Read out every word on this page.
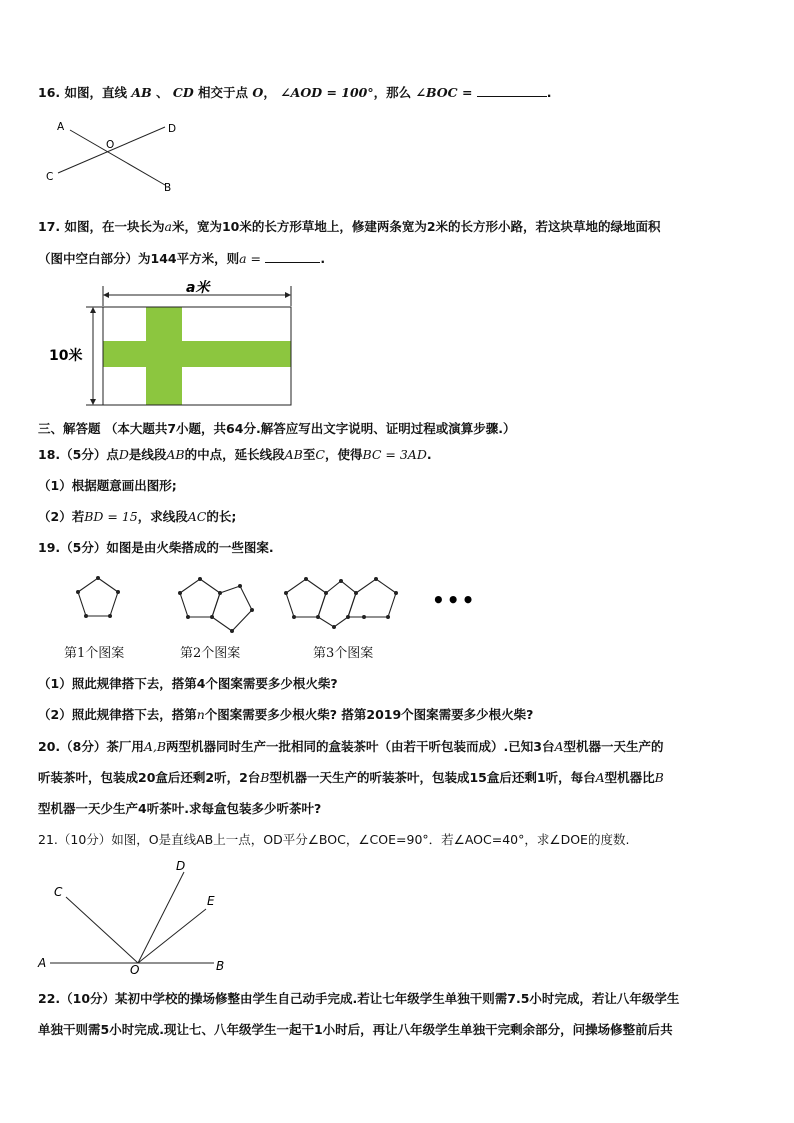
16. 如图，直线 AB 、 CD 相交于点 O， ∠AOD = 100°，那么 ∠BOC =	.
A
O
D
C
B
17. 如图，在一块长为a米，宽为10米的长方形草地上，修建两条宽为2米的长方形小路，若这块草地的绿地面积
（图中空白部分）为144平方米，则a =	.
a米
10米
三、解答题 （本大题共7小题，共64分.解答应写出文字说明、证明过程或演算步骤.）
18.（5分）点D是线段AB的中点，延长线段AB至C，使得BC = 3AD.
（1）根据题意画出图形;
（2）若BD = 15，求线段AC的长;
19.（5分）如图是由火柴搭成的一些图案.
•••
第1个图案	第2个图案	第3个图案
（1）照此规律搭下去，搭第4个图案需要多少根火柴?
（2）照此规律搭下去，搭第n个图案需要多少根火柴? 搭第2019个图案需要多少根火柴?
20.（8分）茶厂用A,B两型机器同时生产一批相同的盒装茶叶（由若干听包装而成）.已知3台A型机器一天生产的
听装茶叶，包装成20盒后还剩2听，2台B型机器一天生产的听装茶叶，包装成15盒后还剩1听，每台A型机器比B
型机器一天少生产4听茶叶.求每盒包装多少听茶叶?
21.（10分）如图，O是直线AB上一点，OD平分∠BOC，∠COE=90°．若∠AOC=40°，求∠DOE的度数.
C
D
E
A	O	B
22.（10分）某初中学校的操场修整由学生自己动手完成.若让七年级学生单独干则需7.5小时完成，若让八年级学生
单独干则需5小时完成.现让七、八年级学生一起干1小时后，再让八年级学生单独干完剩余部分，问操场修整前后共
